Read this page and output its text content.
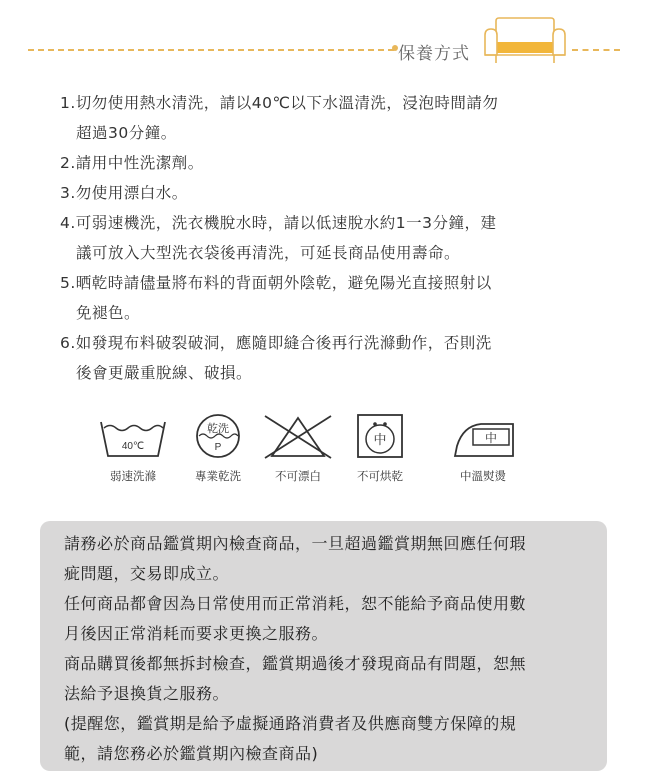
保養方式
1.切勿使用熱水清洗，請以40℃以下水溫清洗，浸泡時間請勿
超過30分鐘。
2.請用中性洗潔劑。
3.勿使用漂白水。
4.可弱速機洗，洗衣機脫水時，請以低速脫水約1一3分鐘，建
議可放入大型洗衣袋後再清洗，可延長商品使用壽命。
5.晒乾時請儘量將布料的背面朝外陰乾，避免陽光直接照射以
免褪色。
6.如發現布料破裂破洞，應隨即縫合後再行洗滌動作，否則洗
後會更嚴重脫線、破損。
40℃
弱速洗滌
乾洗
P
專業乾洗	不可漂白
中
不可烘乾
中
中溫熨燙

請務必於商品鑑賞期內檢查商品，一旦超過鑑賞期無回應任何瑕

疵問題，交易即成立。

任何商品都會因為日常使用而正常消耗，恕不能給予商品使用數

月後因正常消耗而要求更換之服務。

商品購買後都無拆封檢查，鑑賞期過後才發現商品有問題，恕無

法給予退換貨之服務。

(提醒您，鑑賞期是給予虛擬通路消費者及供應商雙方保障的規

範，請您務必於鑑賞期內檢查商品)
